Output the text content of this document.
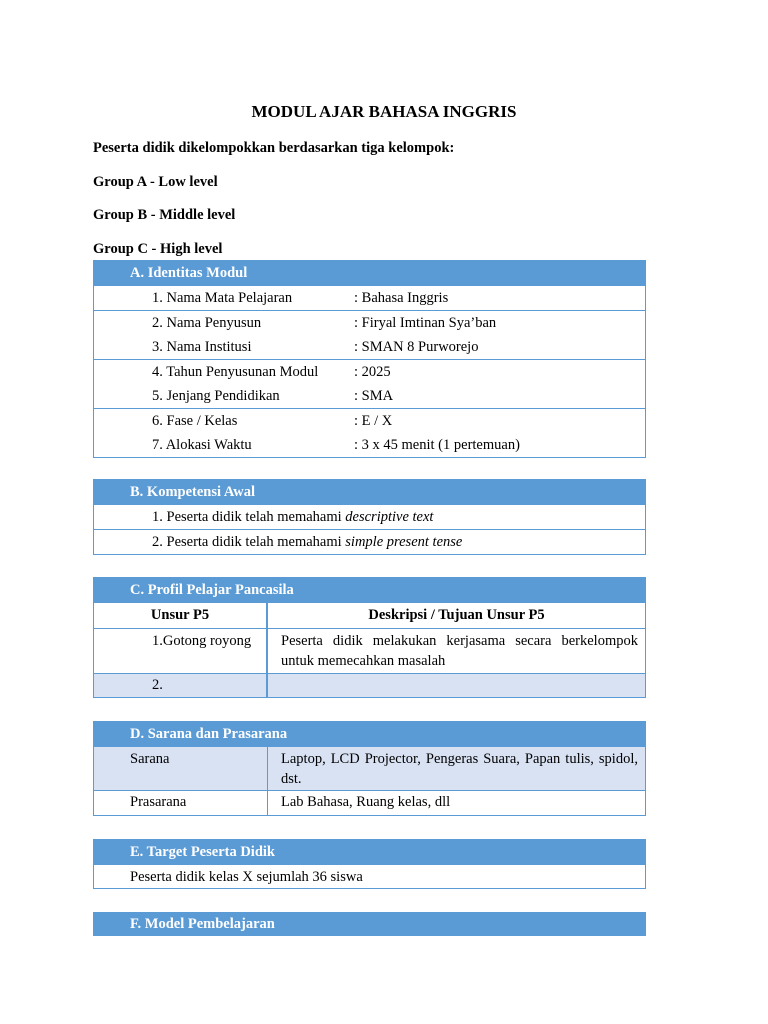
MODUL AJAR BAHASA INGGRIS
Peserta didik dikelompokkan berdasarkan tiga kelompok:
Group A - Low level
Group B - Middle level
Group C - High level
A. Identitas Modul
1. Nama Mata Pelajaran	: Bahasa Inggris
2. Nama Penyusun	: Firyal Imtinan Sya’ban
3. Nama Institusi	: SMAN 8 Purworejo
4. Tahun Penyusunan Modul	: 2025
5. Jenjang Pendidikan	: SMA
6. Fase / Kelas	: E / X
7. Alokasi Waktu	: 3 x 45 menit (1 pertemuan)
B. Kompetensi Awal
1. Peserta didik telah memahami descriptive text
2. Peserta didik telah memahami simple present tense
C. Profil Pelajar Pancasila
Unsur P5	Deskripsi / Tujuan Unsur P5
1.Gotong royong	Peserta didik melakukan kerjasama secara berkelompok untuk memecahkan masalah
2.
D. Sarana dan Prasarana
Sarana	Laptop, LCD Projector, Pengeras Suara, Papan tulis, spidol, dst.
Prasarana	Lab Bahasa, Ruang kelas, dll
E. Target Peserta Didik
Peserta didik kelas X sejumlah 36 siswa
F. Model Pembelajaran
